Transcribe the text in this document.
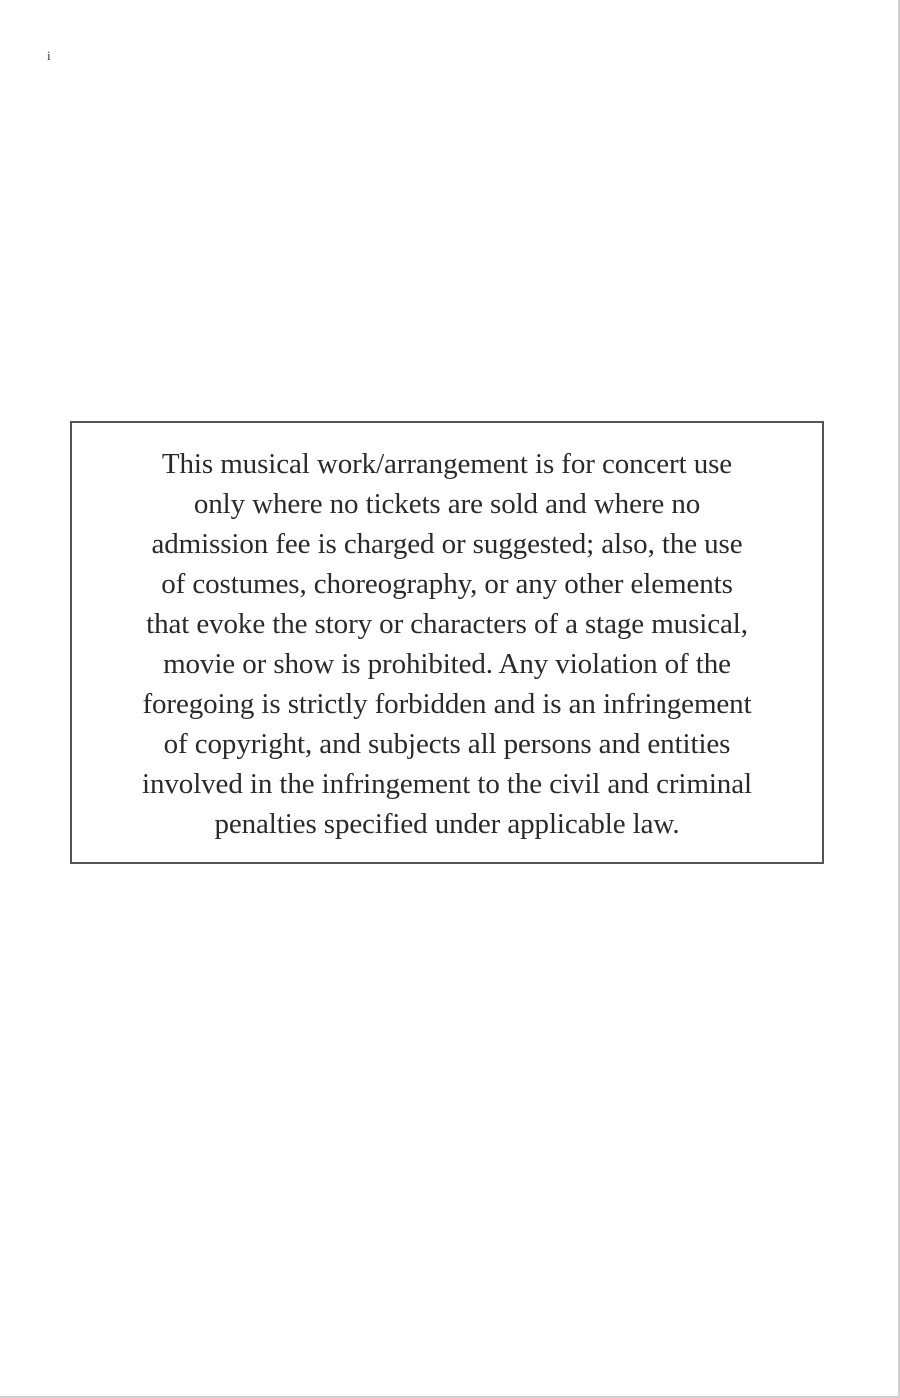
i
This musical work/arrangement is for concert use
only where no tickets are sold and where no
admission fee is charged or suggested; also, the use
of costumes, choreography, or any other elements
that evoke the story or characters of a stage musical,
movie or show is prohibited. Any violation of the
foregoing is strictly forbidden and is an infringement
of copyright, and subjects all persons and entities
involved in the infringement to the civil and criminal
penalties specified under applicable law.
